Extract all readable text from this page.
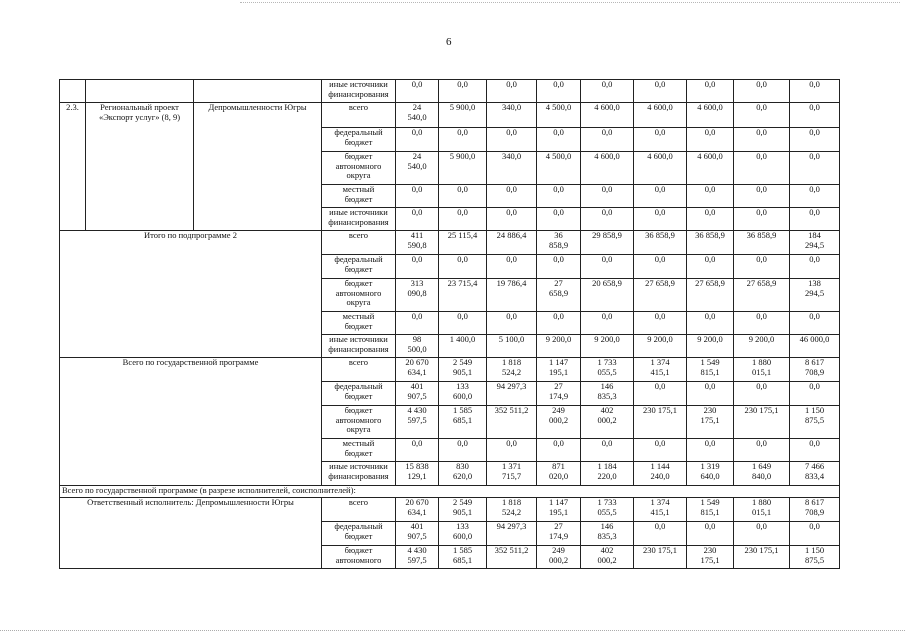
6

			иные источники
финансирования	0,0	0,0	0,0	0,0	0,0	0,0	0,0	0,0	0,0

2.3.	Региональный проект
«Экспорт услуг» (8, 9)	Депромышленности Югры	всего	24
540,0	5 900,0	340,0	4 500,0	4 600,0	4 600,0	4 600,0	0,0	0,0

			федеральный
бюджет	0,0	0,0	0,0	0,0	0,0	0,0	0,0	0,0	0,0

			бюджет
автономного
округа	24
540,0	5 900,0	340,0	4 500,0	4 600,0	4 600,0	4 600,0	0,0	0,0

			местный
бюджет	0,0	0,0	0,0	0,0	0,0	0,0	0,0	0,0	0,0

			иные источники
финансирования	0,0	0,0	0,0	0,0	0,0	0,0	0,0	0,0	0,0

Итого по подпрограмме 2			всего	411
590,8	25 115,4	24 886,4	36
858,9	29 858,9	36 858,9	36 858,9	36 858,9	184
294,5

			федеральный
бюджет	0,0	0,0	0,0	0,0	0,0	0,0	0,0	0,0	0,0

			бюджет
автономного
округа	313
090,8	23 715,4	19 786,4	27
658,9	20 658,9	27 658,9	27 658,9	27 658,9	138
294,5

			местный
бюджет	0,0	0,0	0,0	0,0	0,0	0,0	0,0	0,0	0,0

			иные источники
финансирования	98
500,0	1 400,0	5 100,0	9 200,0	9 200,0	9 200,0	9 200,0	9 200,0	46 000,0

Всего по государственной программе			всего	20 670
634,1	2 549
905,1	1 818
524,2	1 147
195,1	1 733
055,5	1 374
415,1	1 549
815,1	1 880
015,1	8 617
708,9

			федеральный
бюджет	401
907,5	133
600,0	94 297,3	27
174,9	146
835,3	0,0	0,0	0,0	0,0

			бюджет
автономного
округа	4 430
597,5	1 585
685,1	352 511,2	249
000,2	402
000,2	230 175,1	230
175,1	230 175,1	1 150
875,5

			местный
бюджет	0,0	0,0	0,0	0,0	0,0	0,0	0,0	0,0	0,0

			иные источники
финансирования	15 838
129,1	830
620,0	1 371
715,7	871
020,0	1 184
220,0	1 144
240,0	1 319
640,0	1 649
840,0	7 466
833,4

Всего по государственной программе (в разрезе исполнителей, соисполнителей):												

Ответственный исполнитель: Депромышленности Югры			всего	20 670
634,1	2 549
905,1	1 818
524,2	1 147
195,1	1 733
055,5	1 374
415,1	1 549
815,1	1 880
015,1	8 617
708,9

			федеральный
бюджет	401
907,5	133
600,0	94 297,3	27
174,9	146
835,3	0,0	0,0	0,0	0,0

			бюджет
автономного	4 430
597,5	1 585
685,1	352 511,2	249
000,2	402
000,2	230 175,1	230
175,1	230 175,1	1 150
875,5
